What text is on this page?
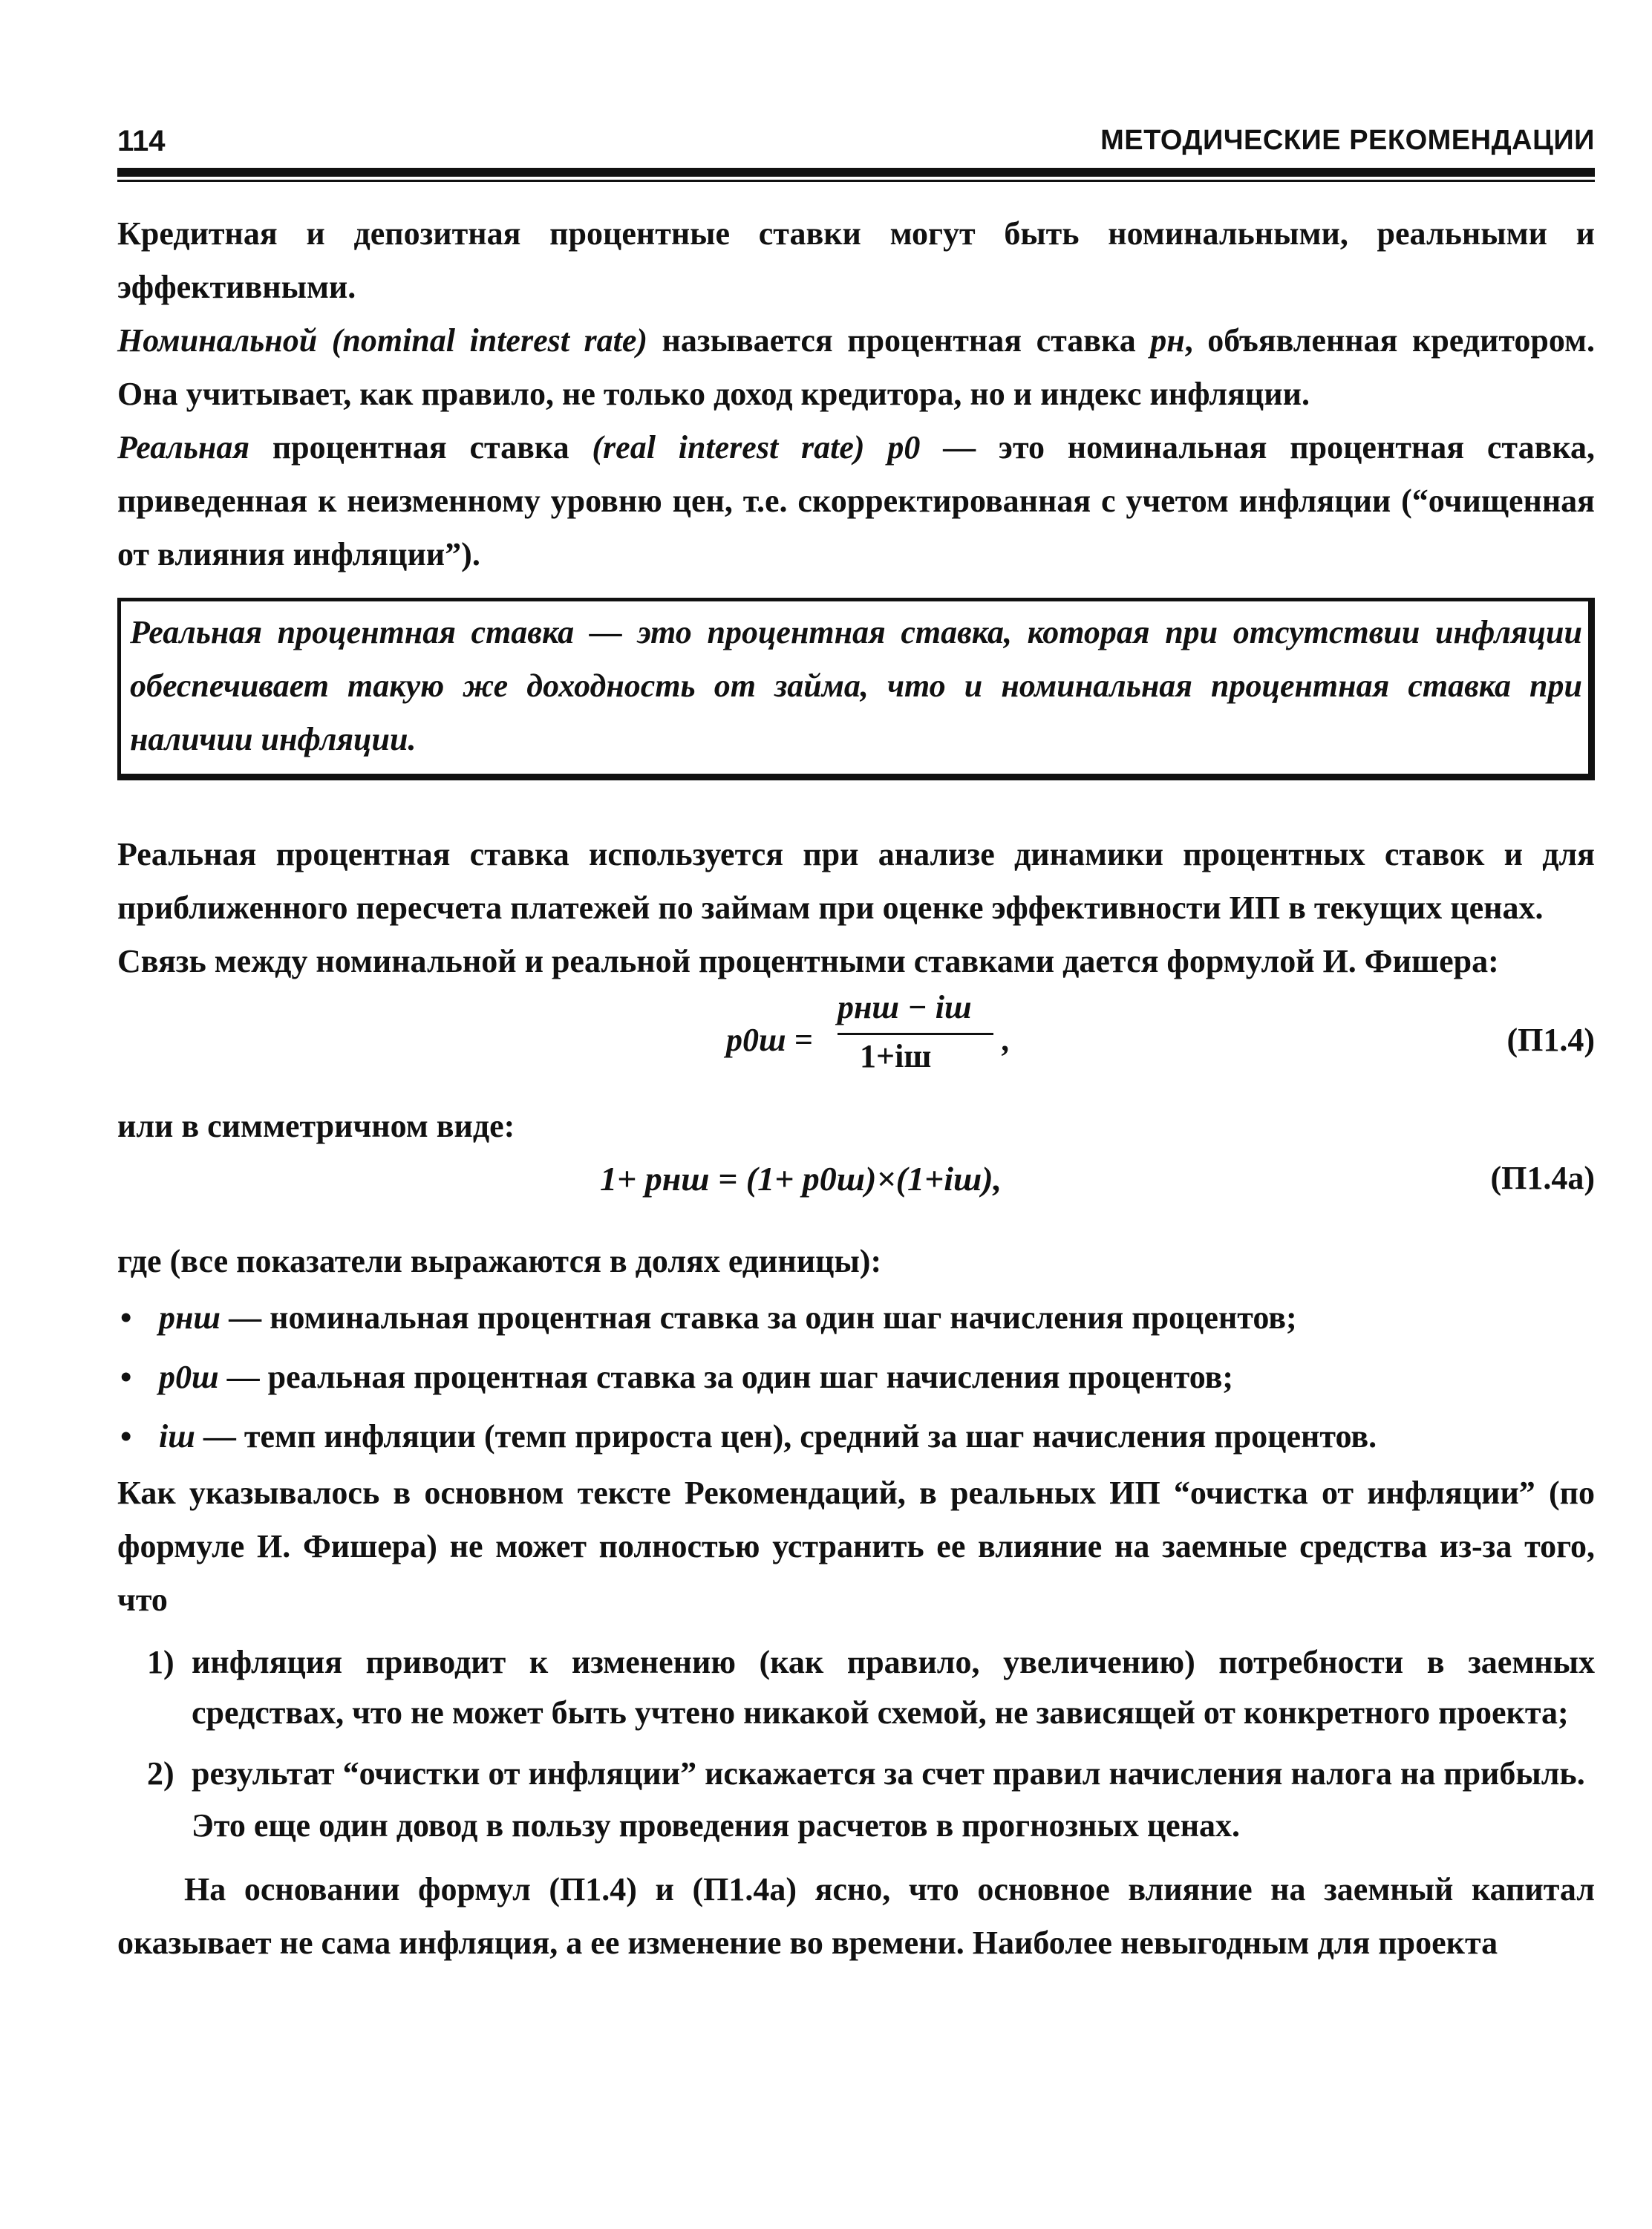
114	МЕТОДИЧЕСКИЕ РЕКОМЕНДАЦИИ

Кредитная и депозитная процентные ставки могут быть номинальными, реальными и эффективными.

Номинальной (nominal interest rate) называется процентная ставка pн, объявленная кредитором. Она учитывает, как правило, не только доход кредитора, но и индекс инфляции.

Реальная процентная ставка (real interest rate) p0 — это номинальная процентная ставка, приведенная к неизменному уровню цен, т.е. скорректированная с учетом инфляции (“очищенная от влияния инфляции”).

Реальная процентная ставка — это процентная ставка, которая при отсутствии инфляции обеспечивает такую же доходность от займа, что и номинальная процентная ставка при наличии инфляции.

Реальная процентная ставка используется при анализе динамики процентных ставок и для приближенного пересчета платежей по займам при оценке эффективности ИП в текущих ценах.

Связь между номинальной и реальной процентными ставками дается формулой И. Фишера:

p0ш =
pнш − iш
1+iш ,	(П1.4)

или в симметричном виде:

1+ pнш = (1+ p0ш)×(1+iш),	(П1.4а)

где (все показатели выражаются в долях единицы):

• pнш — номинальная процентная ставка за один шаг начисления процентов;
• p0ш — реальная процентная ставка за один шаг начисления процентов;
• iш — темп инфляции (темп прироста цен), средний за шаг начисления процентов.

Как указывалось в основном тексте Рекомендаций, в реальных ИП “очистка от инфляции” (по формуле И. Фишера) не может полностью устранить ее влияние на заемные средства из-за того, что

1) инфляция приводит к изменению (как правило, увеличению) потребности в заемных средствах, что не может быть учтено никакой схемой, не зависящей от конкретного проекта;
2) результат “очистки от инфляции” искажается за счет правил начисления налога на прибыль.

Это еще один довод в пользу проведения расчетов в прогнозных ценах.

На основании формул (П1.4) и (П1.4а) ясно, что основное влияние на заемный капитал оказывает не сама инфляция, а ее изменение во времени. Наиболее невыгодным для проекта
